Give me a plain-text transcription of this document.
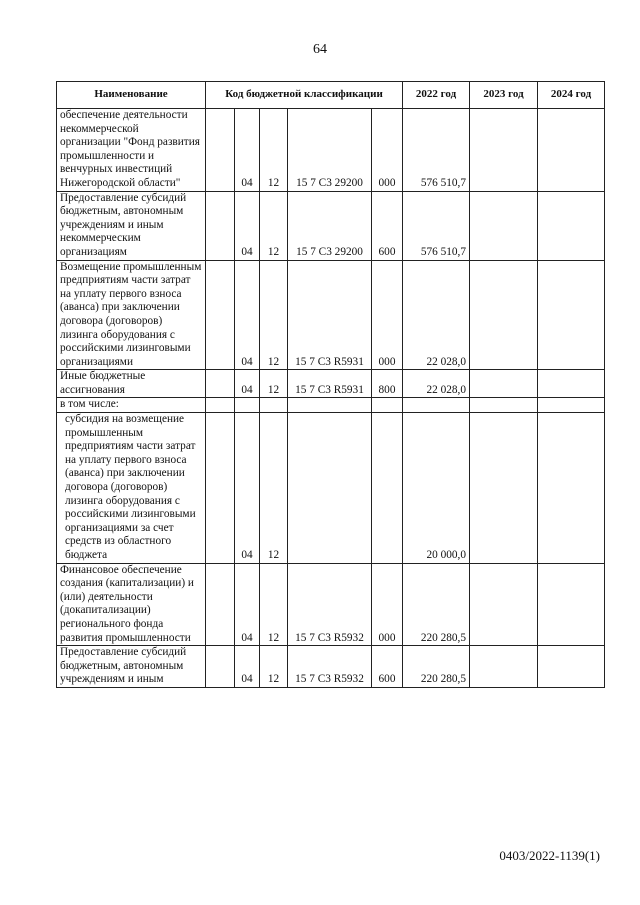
64
Наименование	Код бюджетной классификации					2022 год	2023 год	2024 год
обеспечение деятельности некоммерческой организации "Фонд развития промышленности и венчурных инвестиций Нижегородской области"		04	12	15 7 С3 29200	000	576 510,7		
Предоставление субсидий бюджетным, автономным учреждениям и иным некоммерческим организациям		04	12	15 7 С3 29200	600	576 510,7		
Возмещение промышленным предприятиям части затрат на уплату первого взноса (аванса) при заключении договора (договоров) лизинга оборудования с российскими лизинговыми организациями		04	12	15 7 С3 R5931	000	22 028,0		
Иные бюджетные ассигнования		04	12	15 7 С3 R5931	800	22 028,0		
в том числе:								
субсидия на возмещение промышленным предприятиям части затрат на уплату первого взноса (аванса) при заключении договора (договоров) лизинга оборудования с российскими лизинговыми организациями за счет средств из областного бюджета		04	12			20 000,0		
Финансовое обеспечение создания (капитализации) и (или) деятельности (докапитализации) регионального фонда развития промышленности		04	12	15 7 С3 R5932	000	220 280,5		
Предоставление субсидий бюджетным, автономным учреждениям и иным		04	12	15 7 С3 R5932	600	220 280,5		
0403/2022-1139(1)
